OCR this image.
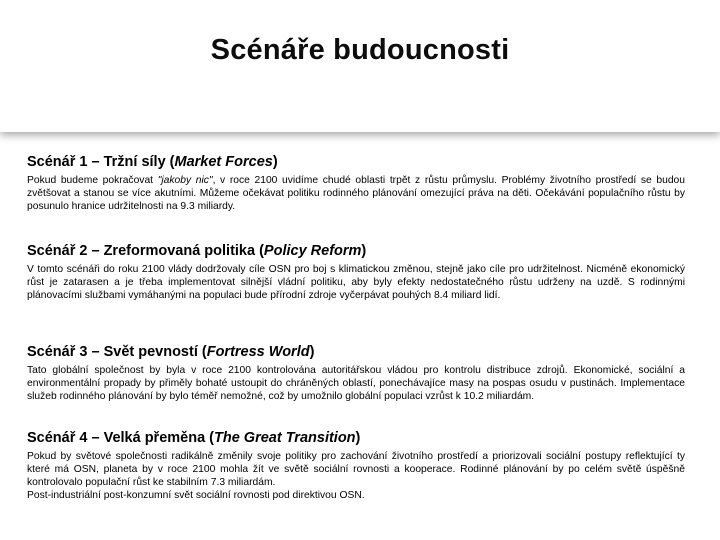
Scénáře budoucnosti
Scénář 1 – Tržní síly (Market Forces)

Pokud budeme pokračovat "jakoby nic", v roce 2100 uvidíme chudé oblasti trpět z růstu průmyslu. Problémy životního prostředí se budou zvětšovat a stanou se více akutními. Můžeme očekávat politiku rodinného plánování omezující práva na děti. Očekávání populačního růstu by posunulo hranice udržitelnosti na 9.3 miliardy.

Scénář 2 – Zreformovaná politika (Policy Reform)

V tomto scénáři do roku 2100 vlády dodržovaly cíle OSN pro boj s klimatickou změnou, stejně jako cíle pro udržitelnost. Nicméně ekonomický růst je zatarasen a je třeba implementovat silnější vládní politiku, aby byly efekty nedostatečného růstu udrženy na uzdě. S rodinnými plánovacími službami vymáhanými na populaci bude přírodní zdroje vyčerpávat pouhých 8.4 miliard lidí.

Scénář 3 – Svět pevností (Fortress World)

Tato globální společnost by byla v roce 2100 kontrolována autoritářskou vládou pro kontrolu distribuce zdrojů. Ekonomické, sociální a environmentální propady by přiměly bohaté ustoupit do chráněných oblastí, ponechávajíce masy na pospas osudu v pustinách. Implementace služeb rodinného plánování by bylo téměř nemožné, což by umožnilo globální populaci vzrůst k 10.2 miliardám.

Scénář 4 – Velká přeměna (The Great Transition)

Pokud by světové společnosti radikálně změnily svoje politiky pro zachování životního prostředí a priorizovali sociální postupy reflektující ty které má OSN, planeta by v roce 2100 mohla žít ve světě sociální rovnosti a kooperace. Rodinné plánování by po celém světě úspěšně kontrolovalo populační růst ke stabilním 7.3 miliardám.

Post-industriální post-konzumní svět sociální rovnosti pod direktivou OSN.
